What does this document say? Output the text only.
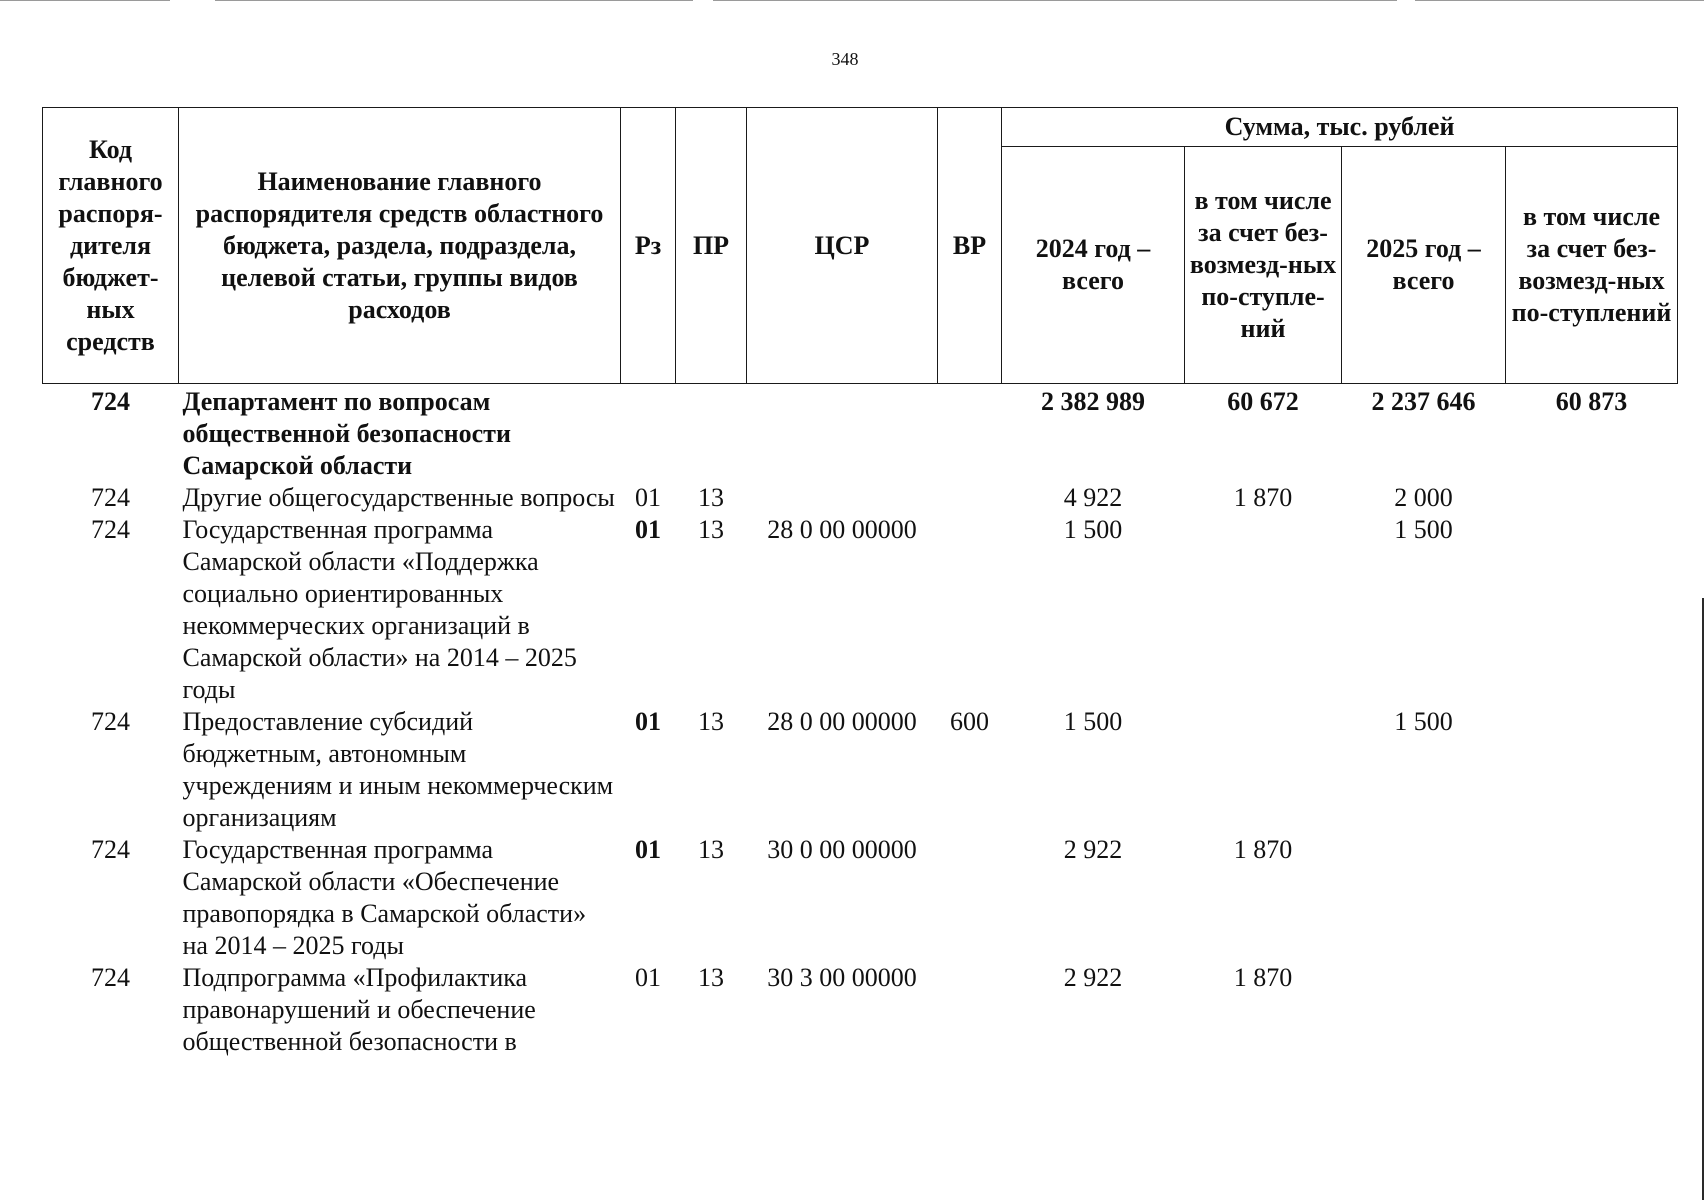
348
Код главного распоря-дителя бюджет-ных средств	Наименование главного распорядителя средств областного бюджета, раздела, подраздела, целевой статьи, группы видов расходов	Рз	ПР	ЦСР	ВР	Сумма, тыс. рублей			
						2024 год – всего	в том числе за счет без-возмезд-ных по-ступле-ний	2025 год – всего	в том числе за счет без-возмезд-ных по-ступлений
724	Департамент по вопросам общественной безопасности Самарской области					2 382 989	60 672	2 237 646	60 873
724	Другие общегосударственные вопросы	01	13			4 922	1 870	2 000	
724	Государственная программа Самарской области «Поддержка социально ориентированных некоммерческих организаций в Самарской области» на 2014 – 2025 годы	01	13	28 0 00 00000		1 500		1 500	
724	Предоставление субсидий бюджетным, автономным учреждениям и иным некоммерческим организациям	01	13	28 0 00 00000	600	1 500		1 500	
724	Государственная программа Самарской области «Обеспечение правопорядка в Самарской области» на 2014 – 2025 годы	01	13	30 0 00 00000		2 922	1 870		
724	Подпрограмма «Профилактика правонарушений и обеспечение общественной безопасности в	01	13	30 3 00 00000		2 922	1 870		
